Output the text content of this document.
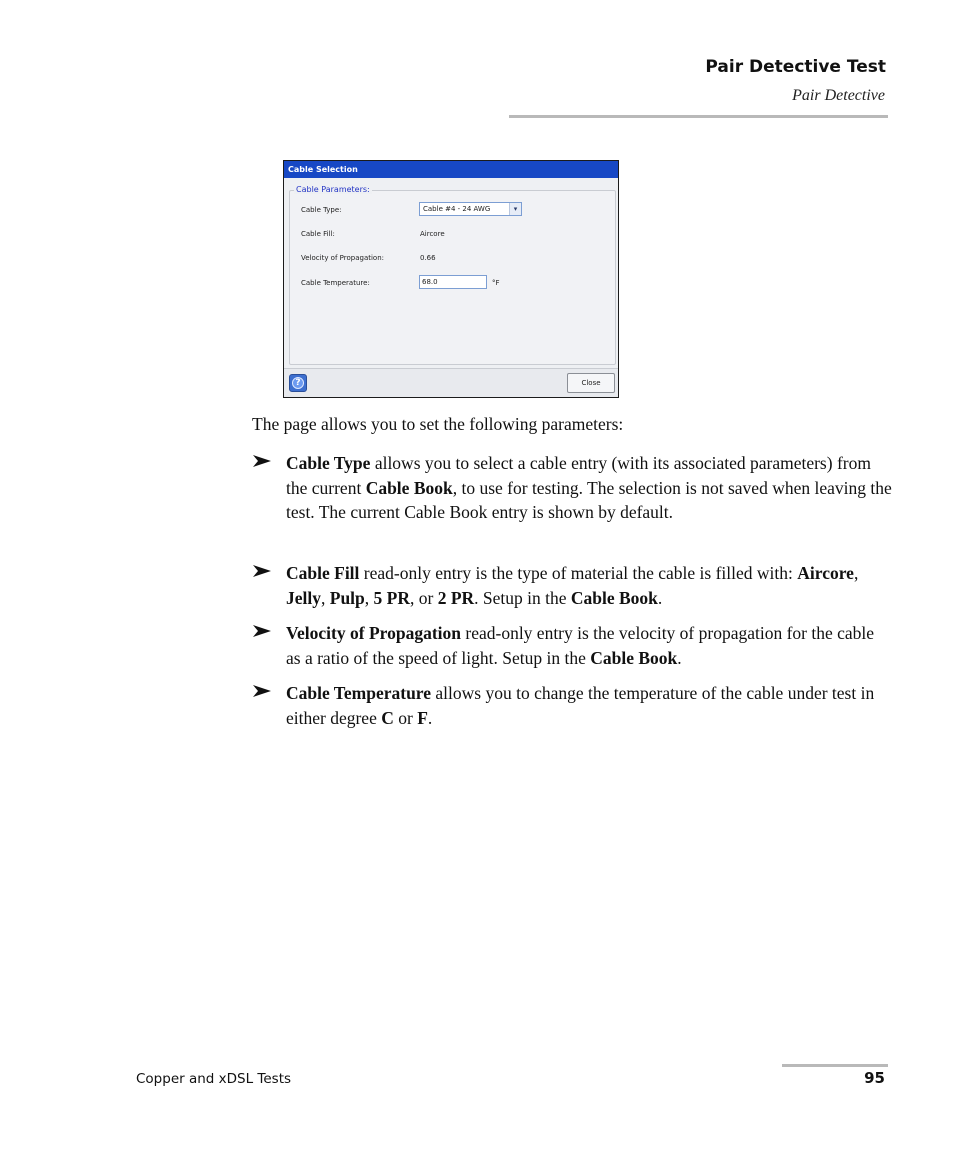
Pair Detective Test
Pair Detective
Cable Selection
Cable Parameters:
Cable Type:	Cable #4 - 24 AWG	▾
Cable Fill:	Aircore
Velocity of Propagation:	0.66
Cable Temperature:	68.0	°F
?	Close
The page allows you to set the following parameters:
Cable Type allows you to select a cable entry (with its associated parameters) from the current Cable Book, to use for testing. The selection is not saved when leaving the test. The current Cable Book entry is shown by default.
Cable Fill read-only entry is the type of material the cable is filled with: Aircore, Jelly, Pulp, 5 PR, or 2 PR. Setup in the Cable Book.
Velocity of Propagation read-only entry is the velocity of propagation for the cable as a ratio of the speed of light. Setup in the Cable Book.
Cable Temperature allows you to change the temperature of the cable under test in either degree C or F.
Copper and xDSL Tests	95
